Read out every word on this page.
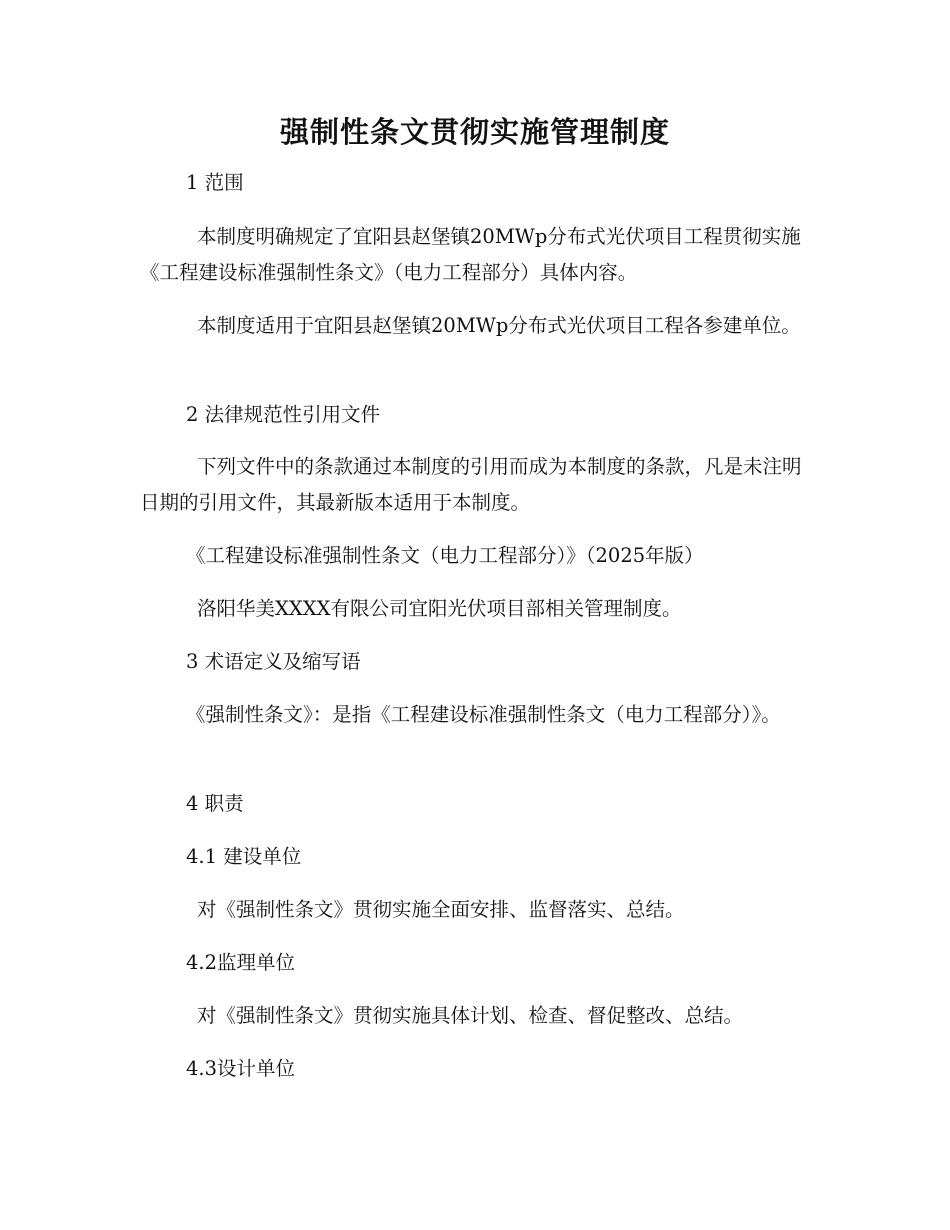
强制性条文贯彻实施管理制度

1 范围

本制度明确规定了宜阳县赵堡镇20MWp分布式光伏项目工程贯彻实施《工程建设标准强制性条文》（电力工程部分）具体内容。

本制度适用于宜阳县赵堡镇20MWp分布式光伏项目工程各参建单位。

2 法律规范性引用文件

下列文件中的条款通过本制度的引用而成为本制度的条款，凡是未注明日期的引用文件，其最新版本适用于本制度。

《工程建设标准强制性条文（电力工程部分）》（2025年版）

洛阳华美XXXX有限公司宜阳光伏项目部相关管理制度。

3 术语定义及缩写语

《强制性条文》：是指《工程建设标准强制性条文（电力工程部分）》。

4 职责

4.1 建设单位

对《强制性条文》贯彻实施全面安排、监督落实、总结。

4.2监理单位

对《强制性条文》贯彻实施具体计划、检查、督促整改、总结。

4.3设计单位
